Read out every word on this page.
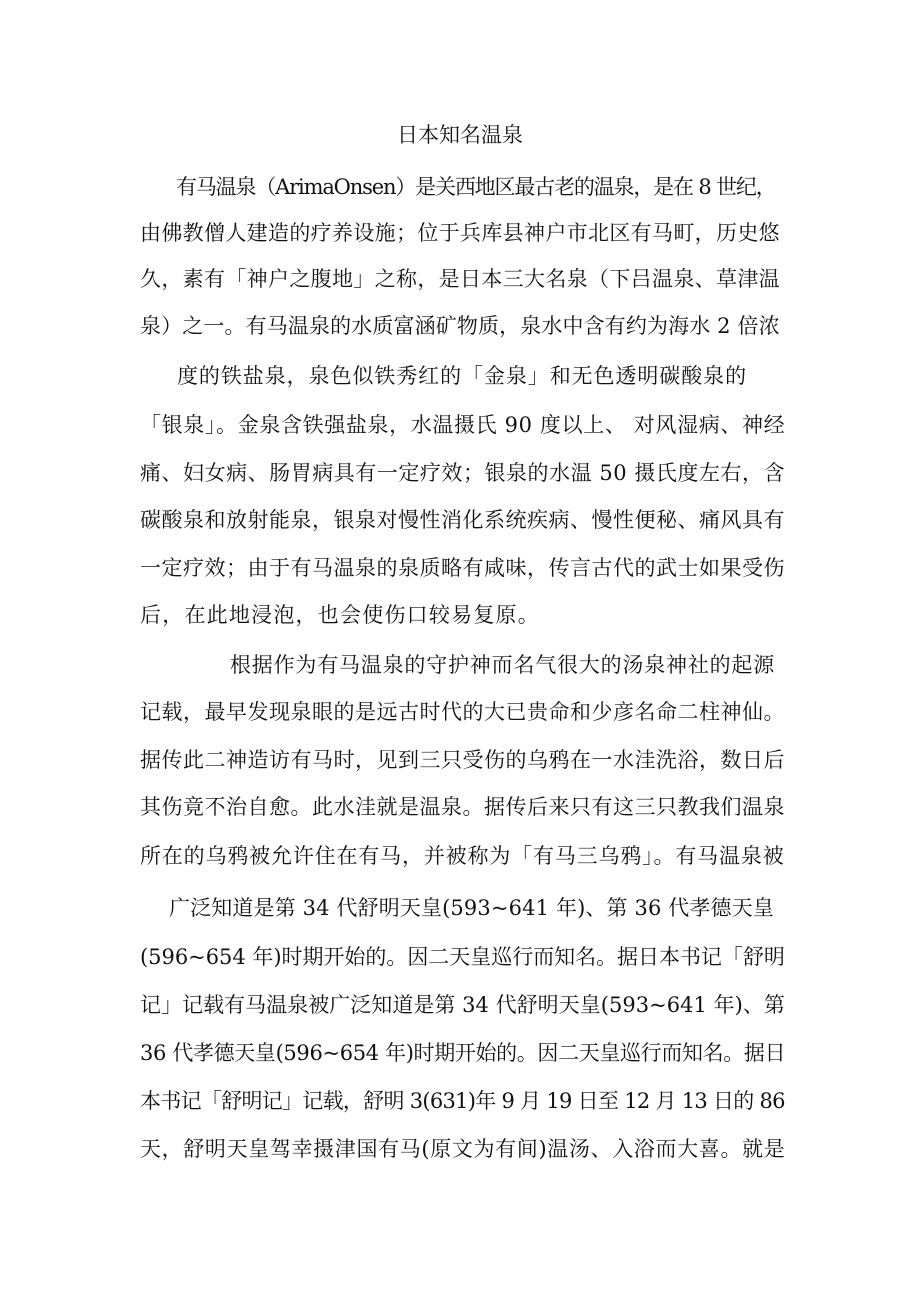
日本知名温泉
有马温泉（ArimaOnsen）是关西地区最古老的温泉，是在 8 世纪，
由佛教僧人建造的疗养设施；位于兵库县神户市北区有马町，历史悠
久，素有「神户之腹地」之称，是日本三大名泉（下吕温泉、草津温
泉）之一。有马温泉的水质富涵矿物质，泉水中含有约为海水 2 倍浓
度的铁盐泉，泉色似铁秀红的「金泉」和无色透明碳酸泉的
「银泉」。金泉含铁强盐泉，水温摄氏 90 度以上、 对风湿病、神经
痛、妇女病、肠胃病具有一定疗效；银泉的水温 50 摄氏度左右，含
碳酸泉和放射能泉，银泉对慢性消化系统疾病、慢性便秘、痛风具有
一定疗效；由于有马温泉的泉质略有咸味，传言古代的武士如果受伤
后，在此地浸泡，也会使伤口较易复原。
根据作为有马温泉的守护神而名气很大的汤泉神社的起源
记载，最早发现泉眼的是远古时代的大已贵命和少彦名命二柱神仙。
据传此二神造访有马时，见到三只受伤的乌鸦在一水洼洗浴，数日后
其伤竟不治自愈。此水洼就是温泉。据传后来只有这三只教我们温泉
所在的乌鸦被允许住在有马，并被称为「有马三乌鸦」。有马温泉被
广泛知道是第 34 代舒明天皇(593~641 年)、第 36 代孝德天皇
(596~654 年)时期开始的。因二天皇巡行而知名。据日本书记「舒明
记」记载有马温泉被广泛知道是第 34 代舒明天皇(593~641 年)、第
36 代孝德天皇(596~654 年)时期开始的。因二天皇巡行而知名。据日
本书记「舒明记」记载，舒明 3(631)年 9 月 19 日至 12 月 13 日的 86
天，舒明天皇驾幸摄津国有马(原文为有间)温汤、入浴而大喜。就是
